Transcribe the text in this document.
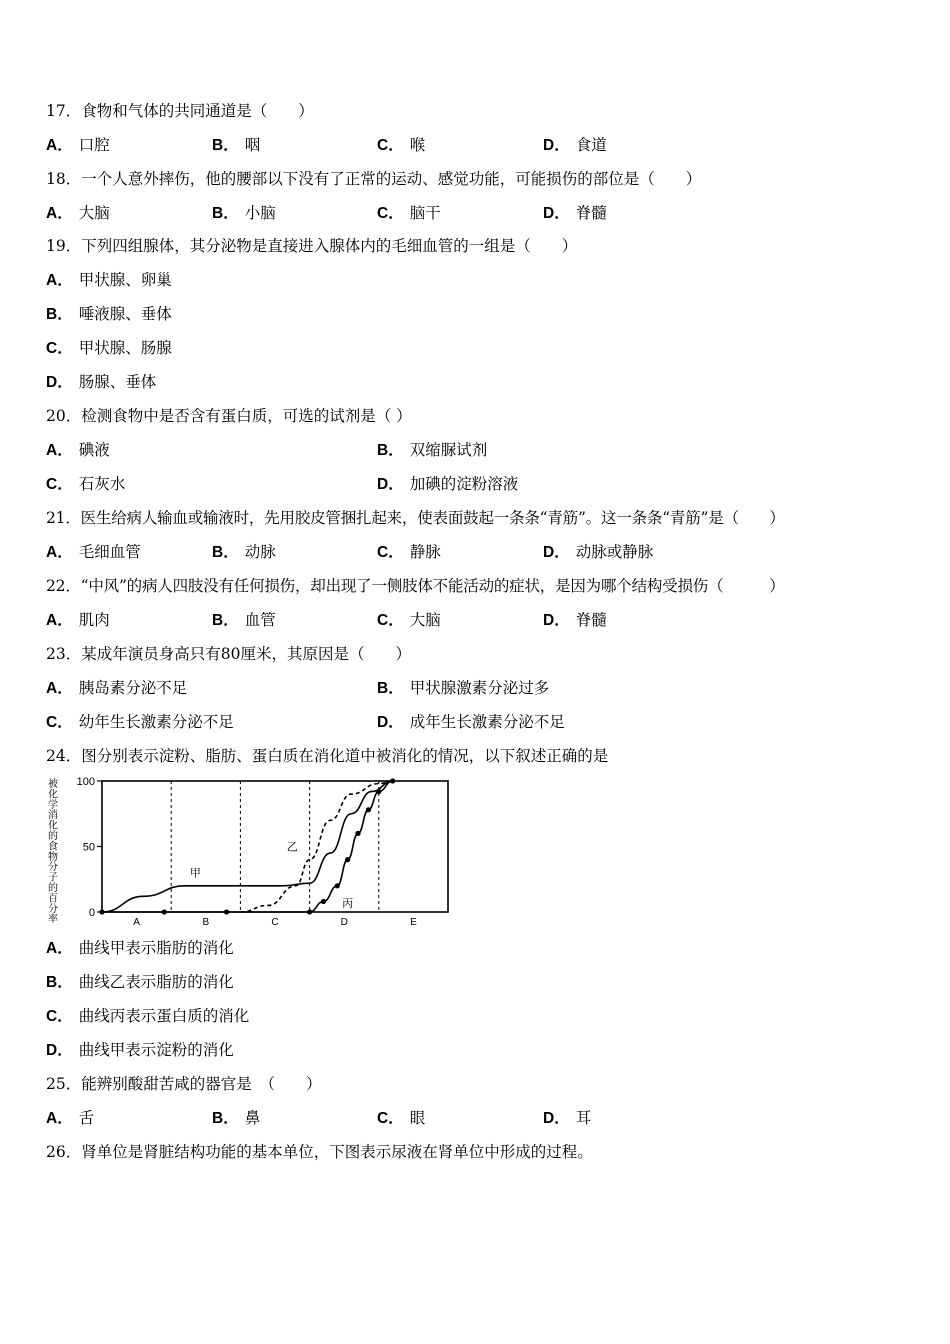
17．食物和气体的共同通道是（　　）
A． 口腔	B． 咽	C． 喉	D． 食道
18．一个人意外摔伤，他的腰部以下没有了正常的运动、感觉功能，可能损伤的部位是（　　）
A． 大脑	B． 小脑	C． 脑干	D． 脊髓
19．下列四组腺体，其分泌物是直接进入腺体内的毛细血管的一组是（　　）
A． 甲状腺、卵巢
B． 唾液腺、垂体
C． 甲状腺、肠腺
D． 肠腺、垂体
20．检测食物中是否含有蛋白质，可选的试剂是（ ）
A． 碘液	B． 双缩脲试剂
C． 石灰水	D． 加碘的淀粉溶液
21．医生给病人输血或输液时，先用胶皮管捆扎起来，使表面鼓起一条条“青筋”。这一条条“青筋”是（　　）
A． 毛细血管	B． 动脉	C． 静脉	D． 动脉或静脉
22．“中风”的病人四肢没有任何损伤，却出现了一侧肢体不能活动的症状，是因为哪个结构受损伤（　　　）
A． 肌肉	B． 血管	C． 大脑	D． 脊髓
23．某成年演员身高只有80厘米，其原因是（　　）
A． 胰岛素分泌不足	B． 甲状腺激素分泌过多
C． 幼年生长激素分泌不足	D． 成年生长激素分泌不足
24．图分别表示淀粉、脂肪、蛋白质在消化道中被消化的情况，以下叙述正确的是
被
化
学
消
化
的
食
物
分
子
的
百
分
率
0
50
100
A	B	C	D	E
甲
乙
丙
A． 曲线甲表示脂肪的消化
B． 曲线乙表示脂肪的消化
C． 曲线丙表示蛋白质的消化
D． 曲线甲表示淀粉的消化
25．能辨别酸甜苦咸的器官是　（　　）
A． 舌	B． 鼻	C． 眼	D． 耳
26．肾单位是肾脏结构功能的基本单位，下图表示尿液在肾单位中形成的过程。
